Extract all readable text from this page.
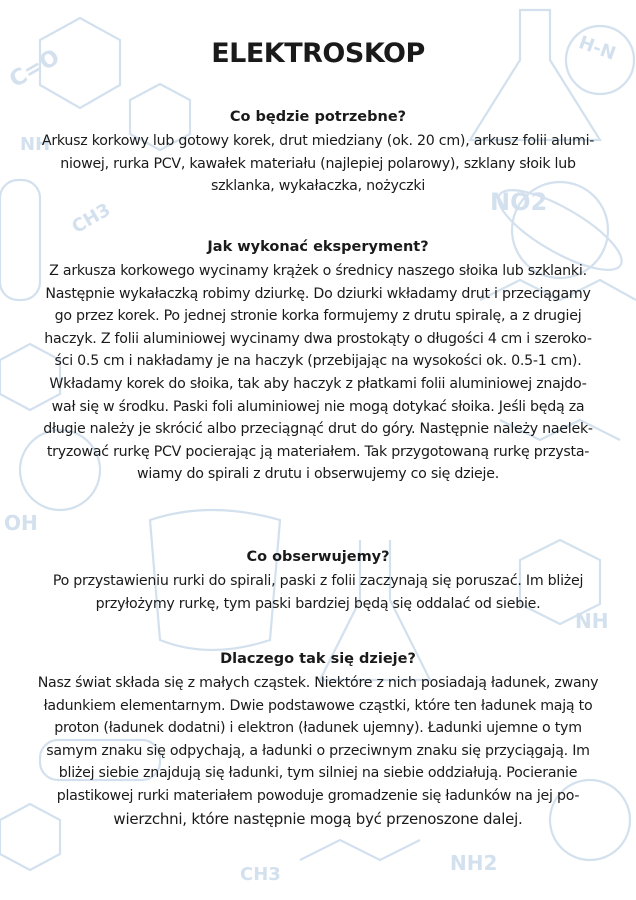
C=O
NH
H-N
CH3	NO2
OH
NH
NH2
CH3
ELEKTROSKOP
Co będzie potrzebne?
Arkusz korkowy lub gotowy korek, drut miedziany (ok. 20 cm), arkusz folii alumi-
niowej, rurka PCV, kawałek materiału (najlepiej polarowy), szklany słoik lub
szklanka, wykałaczka, nożyczki
Jak wykonać eksperyment?
Z arkusza korkowego wycinamy krążek o średnicy naszego słoika lub szklanki.
Następnie wykałaczką robimy dziurkę. Do dziurki wkładamy drut i przeciągamy
go przez korek. Po jednej stronie korka formujemy z drutu spiralę, a z drugiej
haczyk. Z folii aluminiowej wycinamy dwa prostokąty o długości 4 cm i szeroko-
ści 0.5 cm i nakładamy je na haczyk (przebijając na wysokości ok. 0.5-1 cm).
Wkładamy korek do słoika, tak aby haczyk z płatkami folii aluminiowej znajdo-
wał się w środku. Paski foli aluminiowej nie mogą dotykać słoika. Jeśli będą za
długie należy je skrócić albo przeciągnąć drut do góry. Następnie należy naelek-
tryzować rurkę PCV pocierając ją materiałem. Tak przygotowaną rurkę przysta-
wiamy do spirali z drutu i obserwujemy co się dzieje.
Co obserwujemy?
Po przystawieniu rurki do spirali, paski z folii zaczynają się poruszać. Im bliżej
przyłożymy rurkę, tym paski bardziej będą się oddalać od siebie.
Dlaczego tak się dzieje?
Nasz świat składa się z małych cząstek. Niektóre z nich posiadają ładunek, zwany
ładunkiem elementarnym. Dwie podstawowe cząstki, które ten ładunek mają to
proton (ładunek dodatni) i elektron (ładunek ujemny). Ładunki ujemne o tym
samym znaku się odpychają, a ładunki o przeciwnym znaku się przyciągają. Im
bliżej siebie znajdują się ładunki, tym silniej na siebie oddziałują. Pocieranie
plastikowej rurki materiałem powoduje gromadzenie się ładunków na jej po-
wierzchni, które następnie mogą być przenoszone dalej.
